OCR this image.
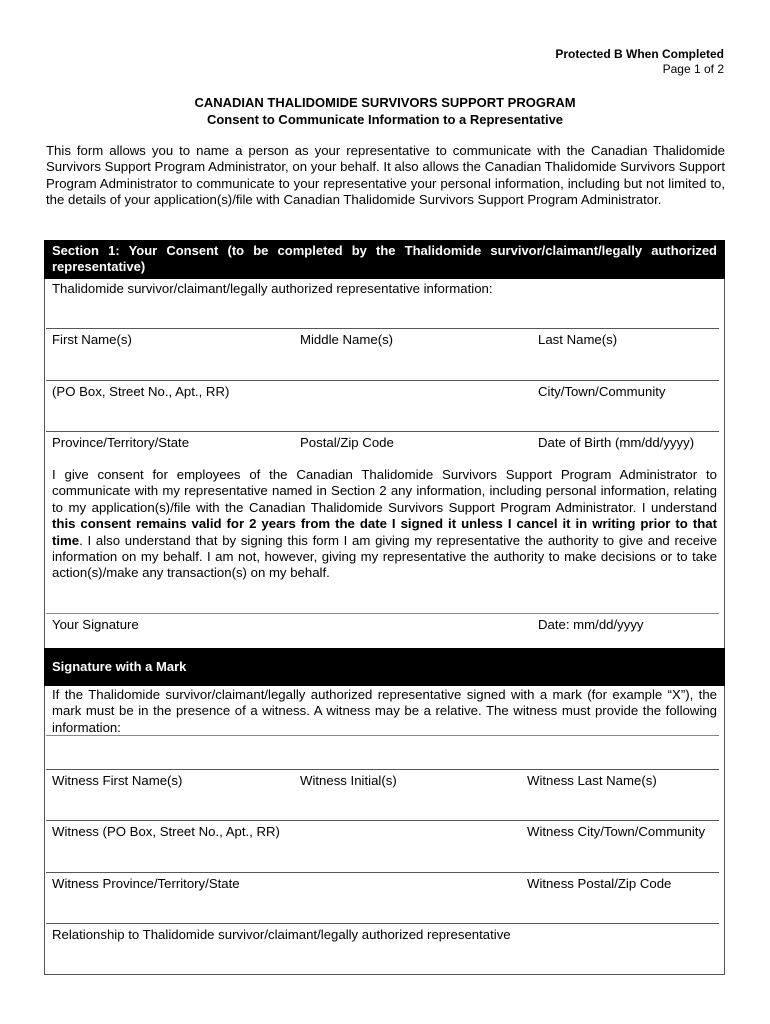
Protected B When Completed
Page 1 of 2
CANADIAN THALIDOMIDE SURVIVORS SUPPORT PROGRAM
Consent to Communicate Information to a Representative
This form allows you to name a person as your representative to communicate with the Canadian Thalidomide Survivors Support Program Administrator, on your behalf. It also allows the Canadian Thalidomide Survivors Support Program Administrator to communicate to your representative your personal information, including but not limited to, the details of your application(s)/file with Canadian Thalidomide Survivors Support Program Administrator.
Section 1: Your Consent (to be completed by the Thalidomide survivor/claimant/legally authorized representative)
Thalidomide survivor/claimant/legally authorized representative information:
First Name(s)	Middle Name(s)	Last Name(s)
(PO Box, Street No., Apt., RR)	City/Town/Community
Province/Territory/State	Postal/Zip Code	Date of Birth (mm/dd/yyyy)
I give consent for employees of the Canadian Thalidomide Survivors Support Program Administrator to communicate with my representative named in Section 2 any information, including personal information, relating to my application(s)/file with the Canadian Thalidomide Survivors Support Program Administrator. I understand this consent remains valid for 2 years from the date I signed it unless I cancel it in writing prior to that time. I also understand that by signing this form I am giving my representative the authority to give and receive information on my behalf. I am not, however, giving my representative the authority to make decisions or to take action(s)/make any transaction(s) on my behalf.
Your Signature	Date: mm/dd/yyyy
Signature with a Mark
If the Thalidomide survivor/claimant/legally authorized representative signed with a mark (for example “X”), the mark must be in the presence of a witness. A witness may be a relative. The witness must provide the following information:
Witness First Name(s)	Witness Initial(s)	Witness Last Name(s)
Witness (PO Box, Street No., Apt., RR)	Witness City/Town/Community
Witness Province/Territory/State	Witness Postal/Zip Code
Relationship to Thalidomide survivor/claimant/legally authorized representative
